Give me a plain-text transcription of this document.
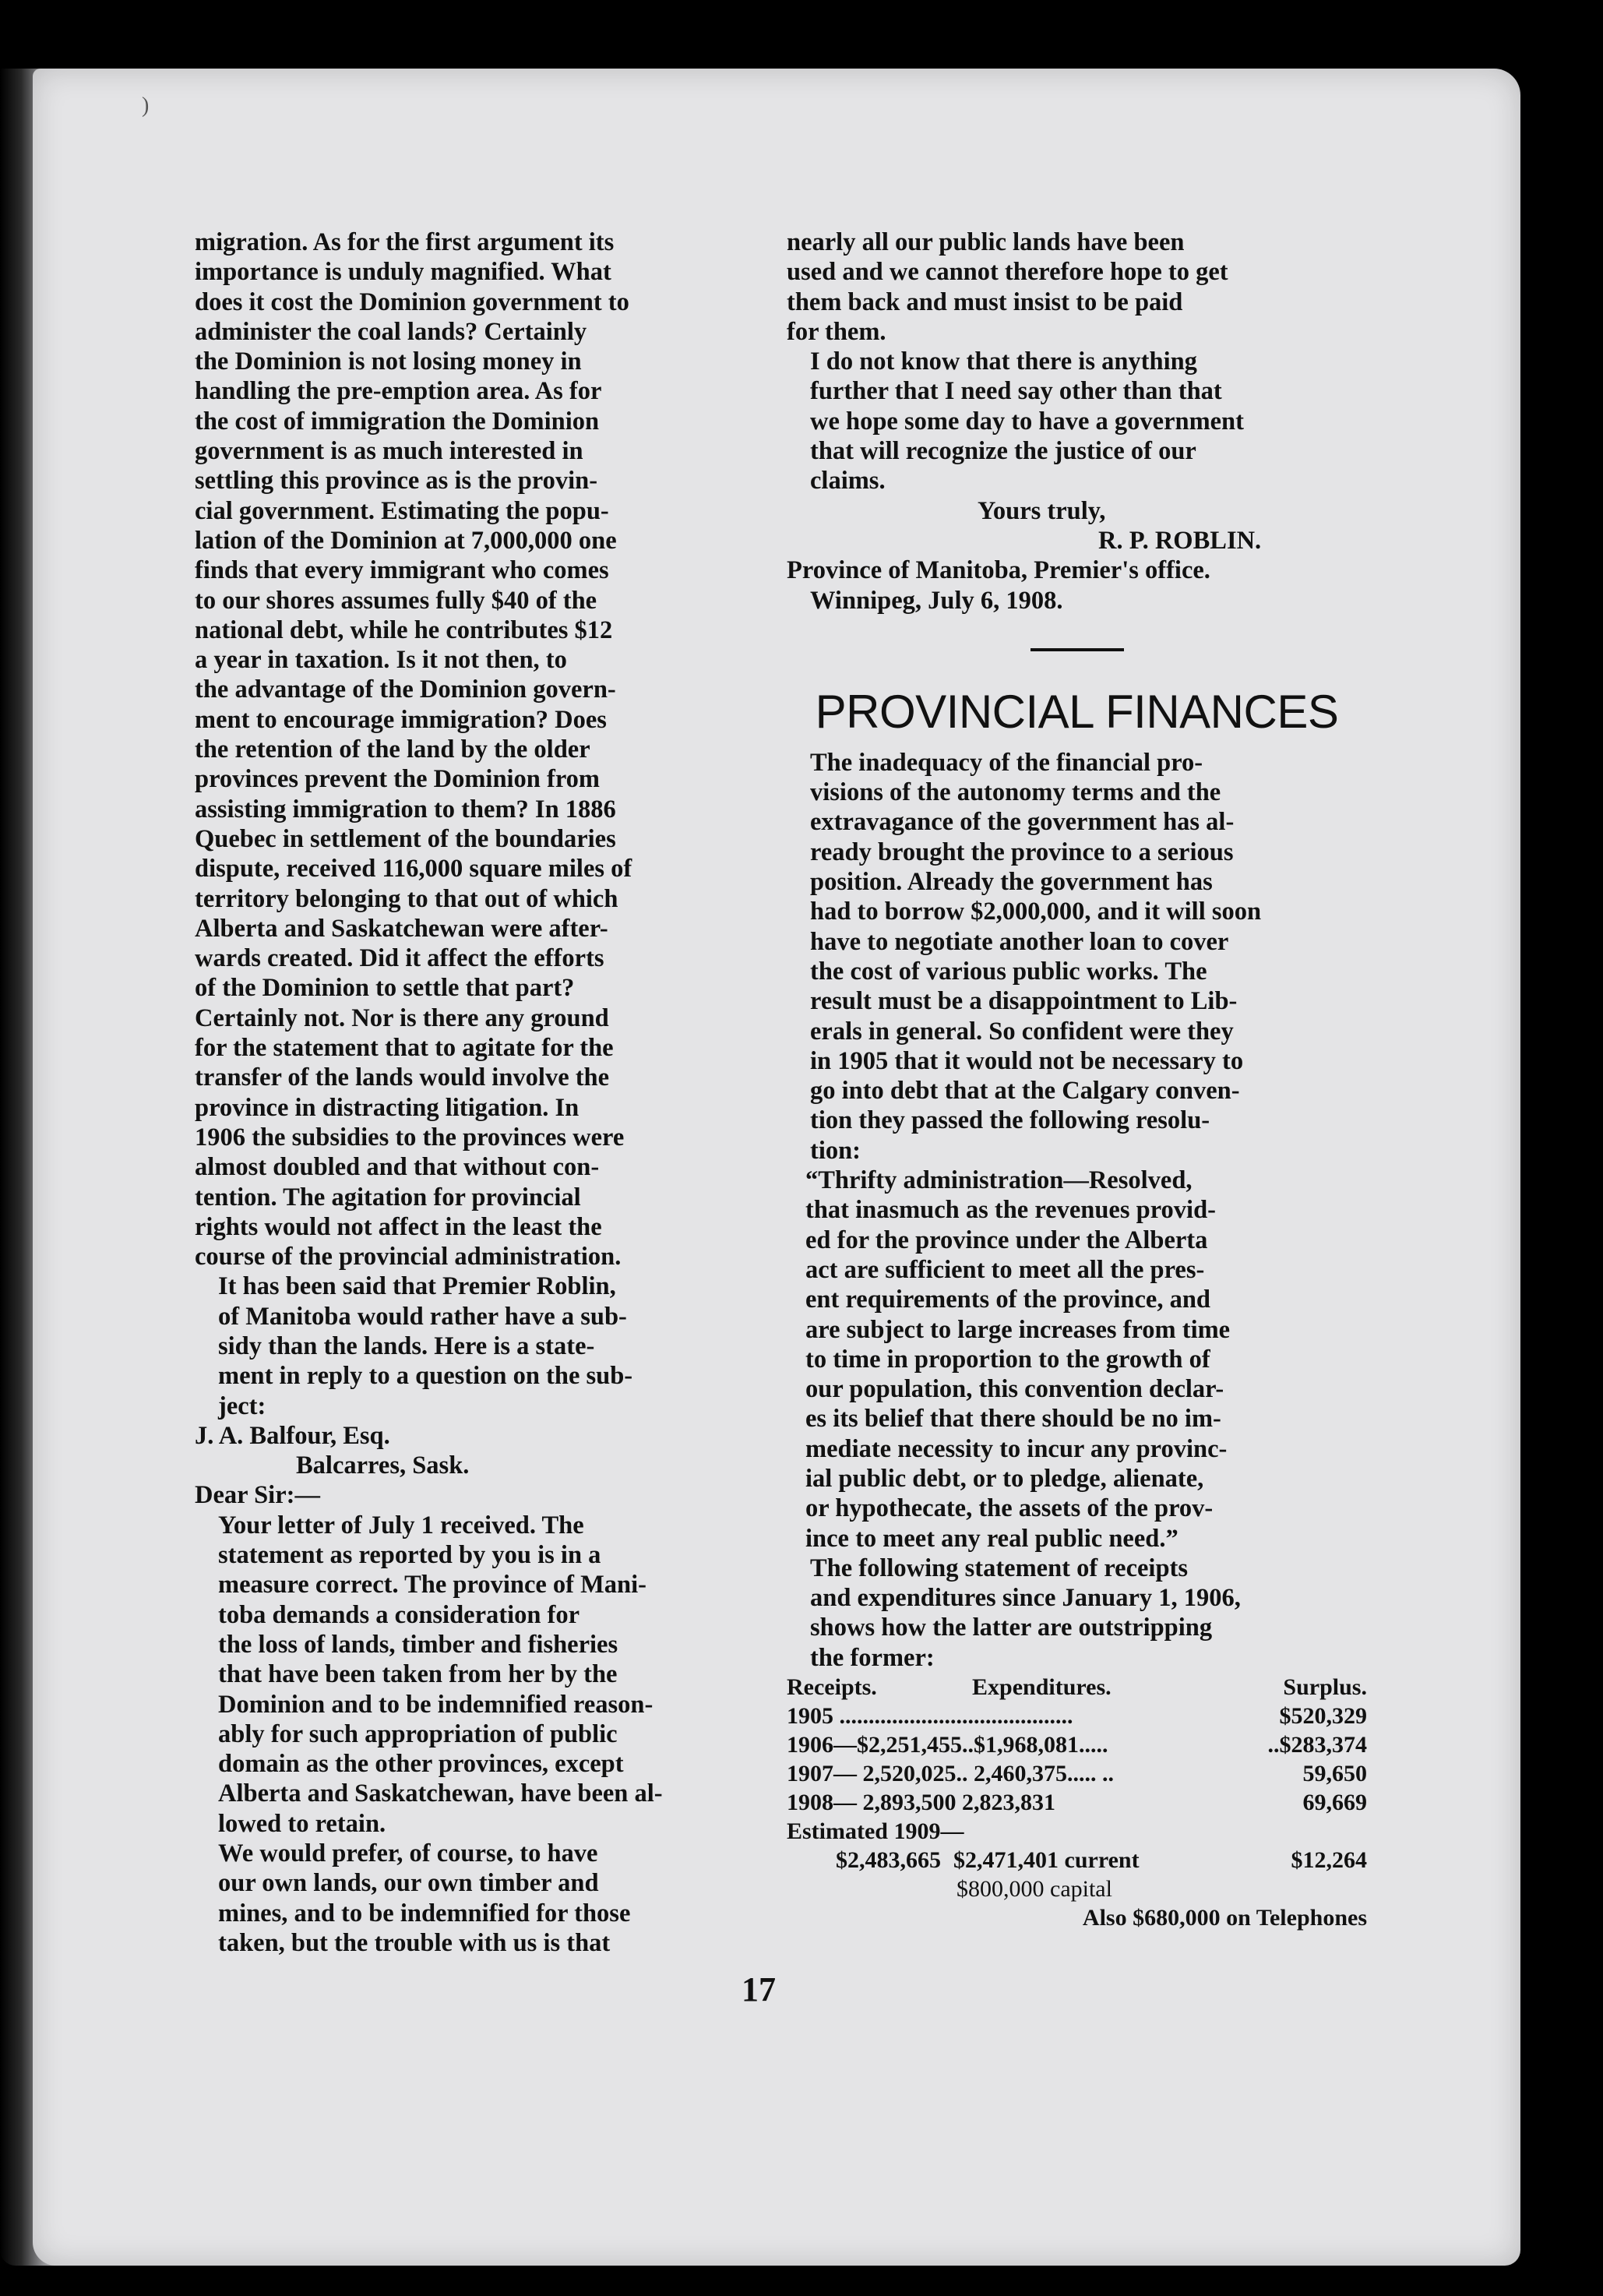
)

migration. As for the first argument its
importance is unduly magnified. What
does it cost the Dominion government to
administer the coal lands? Certainly
the Dominion is not losing money in
handling the pre-emption area. As for
the cost of immigration the Dominion
government is as much interested in
settling this province as is the provin-
cial government. Estimating the popu-
lation of the Dominion at 7,000,000 one
finds that every immigrant who comes
to our shores assumes fully $40 of the
national debt, while he contributes $12
a year in taxation. Is it not then, to
the advantage of the Dominion govern-
ment to encourage immigration? Does
the retention of the land by the older
provinces prevent the Dominion from
assisting immigration to them? In 1886
Quebec in settlement of the boundaries
dispute, received 116,000 square miles of
territory belonging to that out of which
Alberta and Saskatchewan were after-
wards created. Did it affect the efforts
of the Dominion to settle that part?
Certainly not. Nor is there any ground
for the statement that to agitate for the
transfer of the lands would involve the
province in distracting litigation. In
1906 the subsidies to the provinces were
almost doubled and that without con-
tention. The agitation for provincial
rights would not affect in the least the
course of the provincial administration.

It has been said that Premier Roblin,
of Manitoba would rather have a sub-
sidy than the lands. Here is a state-
ment in reply to a question on the sub-
ject:

J. A. Balfour, Esq.

Balcarres, Sask.

Dear Sir:—

Your letter of July 1 received. The
statement as reported by you is in a
measure correct. The province of Mani-
toba demands a consideration for
the loss of lands, timber and fisheries
that have been taken from her by the
Dominion and to be indemnified reason-
ably for such appropriation of public
domain as the other provinces, except
Alberta and Saskatchewan, have been al-
lowed to retain.

We would prefer, of course, to have
our own lands, our own timber and
mines, and to be indemnified for those
taken, but the trouble with us is that

nearly all our public lands have been
used and we cannot therefore hope to get
them back and must insist to be paid
for them.

I do not know that there is anything
further that I need say other than that
we hope some day to have a government
that will recognize the justice of our
claims.

Yours truly,

R. P. ROBLIN.

Province of Manitoba, Premier's office.

Winnipeg, July 6, 1908.

PROVINCIAL FINANCES

The inadequacy of the financial pro-
visions of the autonomy terms and the
extravagance of the government has al-
ready brought the province to a serious
position. Already the government has
had to borrow $2,000,000, and it will soon
have to negotiate another loan to cover
the cost of various public works. The
result must be a disappointment to Lib-
erals in general. So confident were they
in 1905 that it would not be necessary to
go into debt that at the Calgary conven-
tion they passed the following resolu-
tion:

“Thrifty administration—Resolved,
that inasmuch as the revenues provid-
ed for the province under the Alberta
act are sufficient to meet all the pres-
ent requirements of the province, and
are subject to large increases from time
to time in proportion to the growth of
our population, this convention declar-
es its belief that there should be no im-
mediate necessity to incur any provinc-
ial public debt, or to pledge, alienate,
or hypothecate, the assets of the prov-
ince to meet any real public need.”

The following statement of receipts
and expenditures since January 1, 1906,
shows how the latter are outstripping
the former:

Receipts.	Expenditures.	Surplus.
1905 ........................................		$520,329
1906—$2,251,455..$1,968,081.....		..$283,374
1907— 2,520,025.. 2,460,375..... ..		59,650
1908— 2,893,500 2,823,831		69,669
Estimated 1909—		
$2,483,665	$2,471,401 current	$12,264
	$800,000 capital	
Also $680,000 on Telephones		
17
